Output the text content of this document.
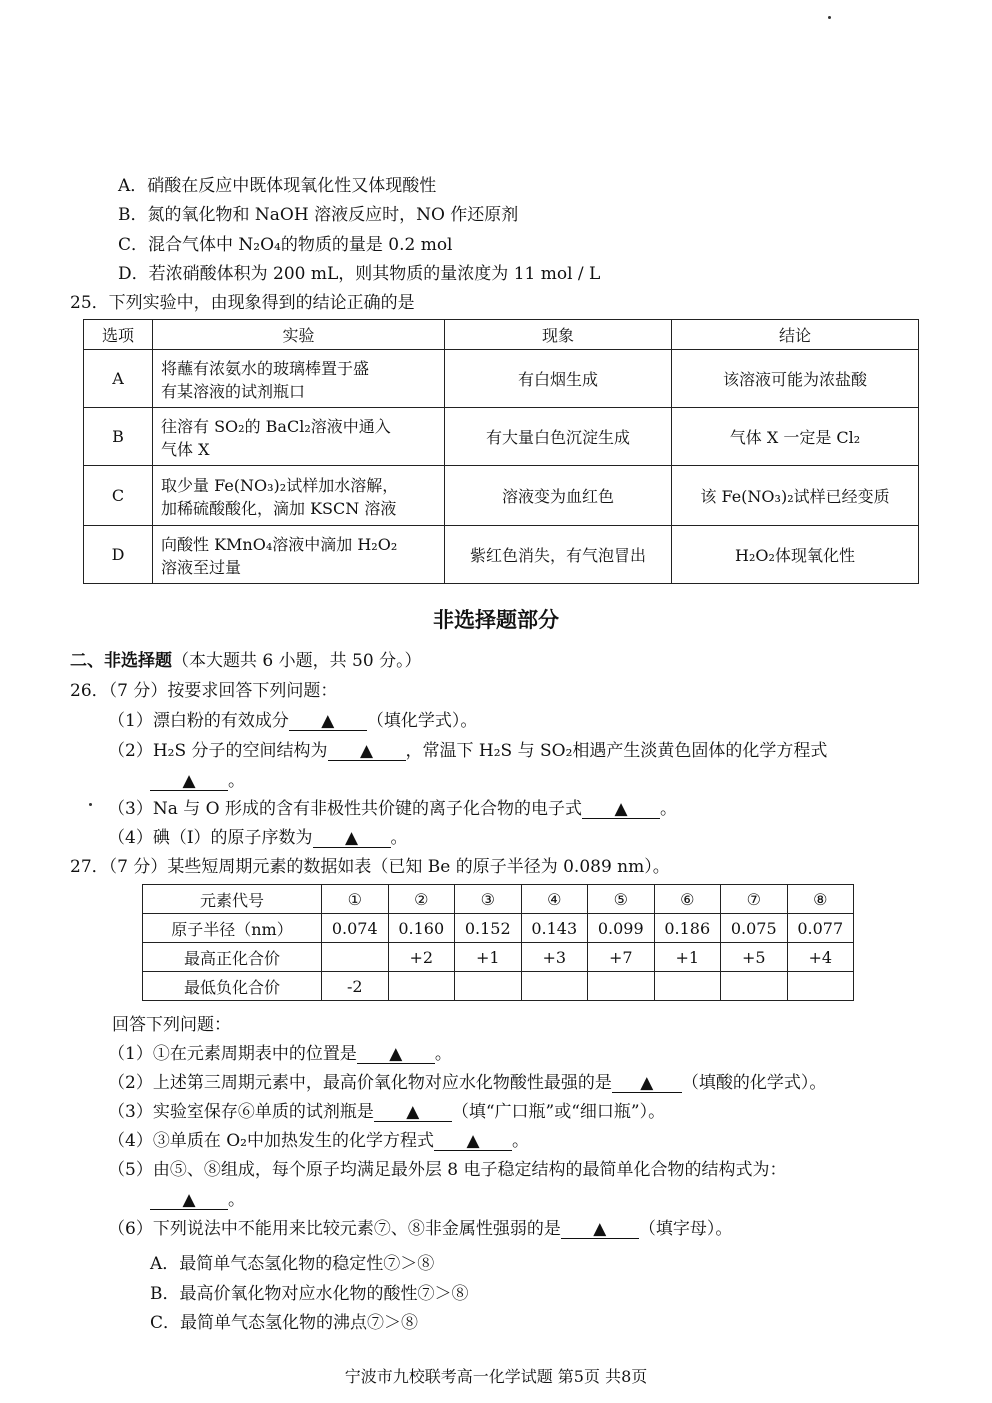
A．硝酸在反应中既体现氧化性又体现酸性
B．氮的氧化物和 NaOH 溶液反应时，NO 作还原剂
C．混合气体中 N₂O₄的物质的量是 0.2 mol
D．若浓硝酸体积为 200 mL，则其物质的量浓度为 11 mol / L
25．下列实验中，由现象得到的结论正确的是
选项	实验	现象	结论
A	将蘸有浓氨水的玻璃棒置于盛
有某溶液的试剂瓶口	有白烟生成	该溶液可能为浓盐酸
B	往溶有 SO₂的 BaCl₂溶液中通入
气体 X	有大量白色沉淀生成	气体 X 一定是 Cl₂
C	取少量 Fe(NO₃)₂试样加水溶解，
加稀硫酸酸化，滴加 KSCN 溶液	溶液变为血红色	该 Fe(NO₃)₂试样已经变质
D	向酸性 KMnO₄溶液中滴加 H₂O₂
溶液至过量	紫红色消失，有气泡冒出	H₂O₂体现氧化性
非选择题部分
二、非选择题（本大题共 6 小题，共 50 分。）
26．（7 分）按要求回答下列问题：
（1）漂白粉的有效成分 ▲ （填化学式）。
（2）H₂S 分子的空间结构为 ▲ ，常温下 H₂S 与 SO₂相遇产生淡黄色固体的化学方程式
▲ 。
（3）Na 与 O 形成的含有非极性共价键的离子化合物的电子式 ▲ 。
（4）碘（I）的原子序数为 ▲ 。
27．（7 分）某些短周期元素的数据如表（已知 Be 的原子半径为 0.089 nm）。
元素代号	①	②	③	④	⑤	⑥	⑦	⑧
原子半径（nm）	0.074	0.160	0.152	0.143	0.099	0.186	0.075	0.077
最高正化合价		+2	+1	+3	+7	+1	+5	+4
最低负化合价	-2							
回答下列问题：
（1）①在元素周期表中的位置是 ▲ 。
（2）上述第三周期元素中，最高价氧化物对应水化物酸性最强的是 ▲ （填酸的化学式）。
（3）实验室保存⑥单质的试剂瓶是 ▲ （填“广口瓶”或“细口瓶”）。
（4）③单质在 O₂中加热发生的化学方程式 ▲ 。
（5）由⑤、⑧组成，每个原子均满足最外层 8 电子稳定结构的最简单化合物的结构式为：
▲ 。
（6）下列说法中不能用来比较元素⑦、⑧非金属性强弱的是 ▲ （填字母）。
A．最简单气态氢化物的稳定性⑦＞⑧
B．最高价氧化物对应水化物的酸性⑦＞⑧
C．最简单气态氢化物的沸点⑦＞⑧
宁波市九校联考高一化学试题 第5页 共8页
